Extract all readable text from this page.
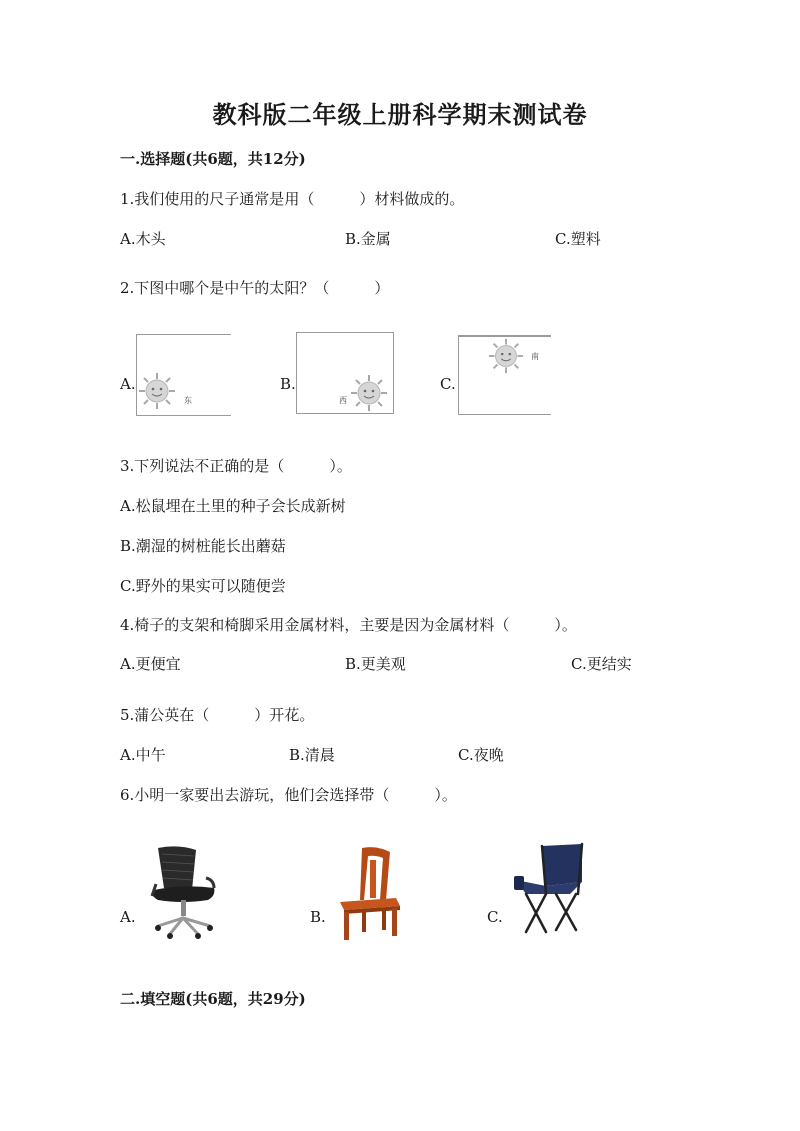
教科版二年级上册科学期末测试卷
一.选择题(共6题，共12分)
1.我们使用的尺子通常是用（　　　）材料做成的。
A.木头	B.金属	C.塑料
2.下图中哪个是中午的太阳？（　　　）
A.
东
B.
西
C.
南
3.下列说法不正确的是（　　　）。
A.松鼠埋在土里的种子会长成新树
B.潮湿的树桩能长出蘑菇
C.野外的果实可以随便尝
4.椅子的支架和椅脚采用金属材料，主要是因为金属材料（　　　）。
A.更便宜	B.更美观	C.更结实
5.蒲公英在（　　　）开花。
A.中午	B.清晨	C.夜晚
6.小明一家要出去游玩，他们会选择带（　　　）。
A.	B.	C.
二.填空题(共6题，共29分)
